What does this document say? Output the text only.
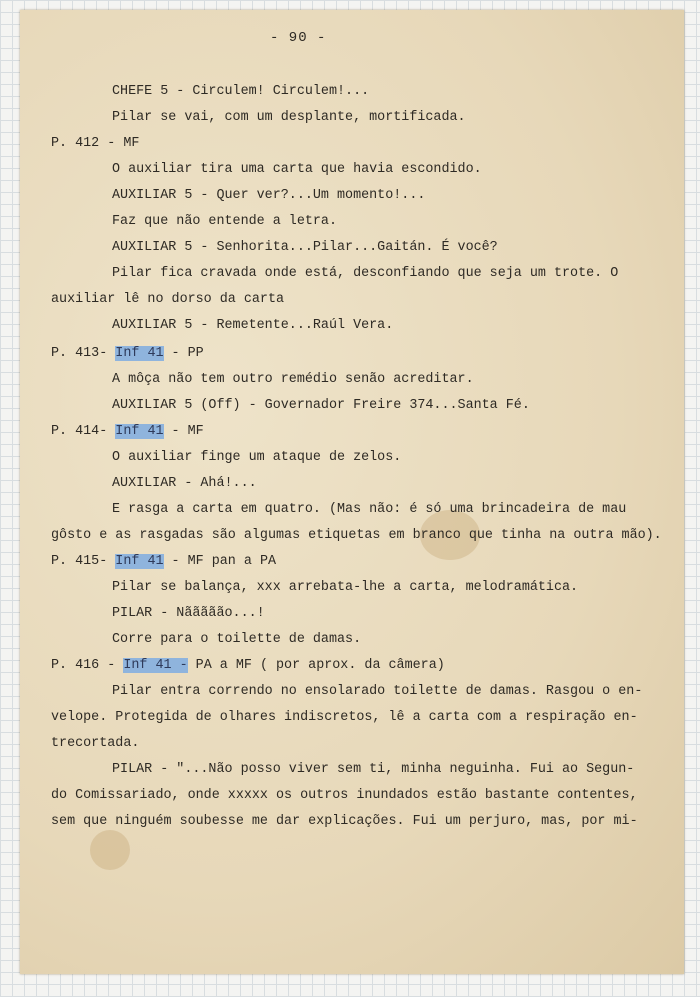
- 90 -
CHEFE 5 - Circulem! Circulem!...
Pilar se vai, com um desplante, mortificada.
P. 412 - MF
O auxiliar tira uma carta que havia escondido.
AUXILIAR 5 - Quer ver?...Um momento!...
Faz que não entende a letra.
AUXILIAR 5 - Senhorita...Pilar...Gaitán. É você?
Pilar fica cravada onde está, desconfiando que seja um trote. O
auxiliar lê no dorso da carta
AUXILIAR 5 - Remetente...Raúl Vera.
P. 413- Inf 41 - PP
A môça não tem outro remédio senão acreditar.
AUXILIAR 5 (Off) - Governador Freire 374...Santa Fé.
P. 414- Inf 41 - MF
O auxiliar finge um ataque de zelos.
AUXILIAR - Ahá!...
E rasga a carta em quatro. (Mas não: é só uma brincadeira de mau
gôsto e as rasgadas são algumas etiquetas em branco que tinha na outra mão).
P. 415- Inf 41 - MF pan a PA
Pilar se balança, xxx arrebata-lhe a carta, melodramática.
PILAR - Nããããão...!
Corre para o toilette de damas.
P. 416 - Inf 41 - PA a MF ( por aprox. da câmera)
Pilar entra correndo no ensolarado toilette de damas. Rasgou o en-
velope. Protegida de olhares indiscretos, lê a carta com a respiração en-
trecortada.
PILAR - "...Não posso viver sem ti, minha neguinha. Fui ao Segun-
do Comissariado, onde xxxxx os outros inundados estão bastante contentes,
sem que ninguém soubesse me dar explicações. Fui um perjuro, mas, por mi-
